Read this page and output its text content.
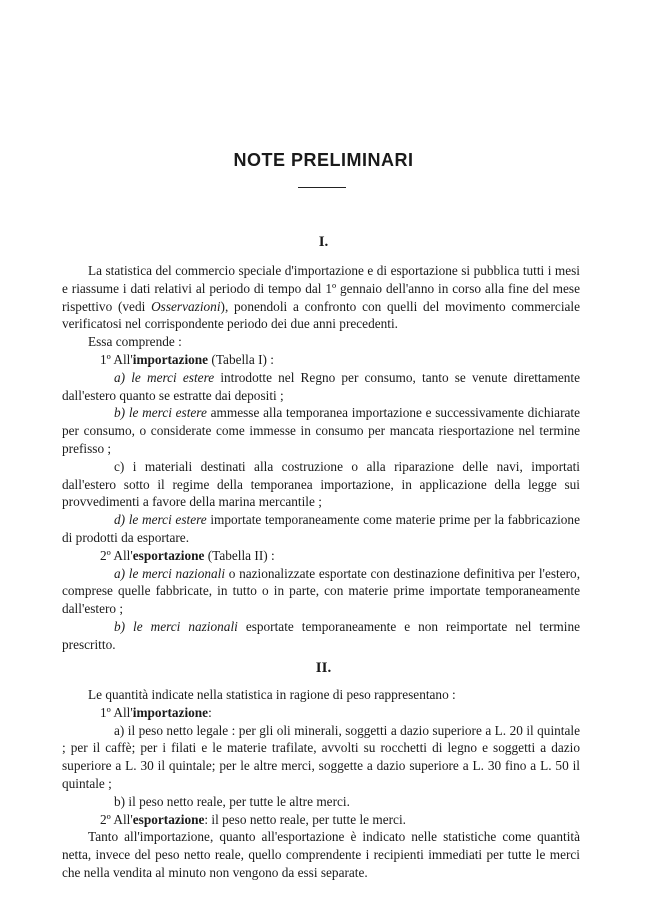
NOTE PRELIMINARI
I.

La statistica del commercio speciale d'importazione e di esportazione si pubblica tutti i mesi e riassume i dati relativi al periodo di tempo dal 1º gennaio dell'anno in corso alla fine del mese rispettivo (vedi Osservazioni), ponendoli a confronto con quelli del movimento commerciale verificatosi nel corrispondente periodo dei due anni precedenti.

Essa comprende :

1º All'importazione (Tabella I) :

a) le merci estere introdotte nel Regno per consumo, tanto se venute direttamente dall'estero quanto se estratte dai depositi ;

b) le merci estere ammesse alla temporanea importazione e successivamente dichiarate per consumo, o considerate come immesse in consumo per mancata riesportazione nel termine prefisso ;

c) i materiali destinati alla costruzione o alla riparazione delle navi, importati dall'estero sotto il regime della temporanea importazione, in applicazione della legge sui provvedimenti a favore della marina mercantile ;

d) le merci estere importate temporaneamente come materie prime per la fabbricazione di prodotti da esportare.

2º All'esportazione (Tabella II) :

a) le merci nazionali o nazionalizzate esportate con destinazione definitiva per l'estero, comprese quelle fabbricate, in tutto o in parte, con materie prime importate temporaneamente dall'estero ;

b) le merci nazionali esportate temporaneamente e non reimportate nel termine prescritto.

II.

Le quantità indicate nella statistica in ragione di peso rappresentano :

1º All'importazione:

a) il peso netto legale : per gli oli minerali, soggetti a dazio superiore a L. 20 il quintale ; per il caffè; per i filati e le materie trafilate, avvolti su rocchetti di legno e soggetti a dazio superiore a L. 30 il quintale; per le altre merci, soggette a dazio superiore a L. 30 fino a L. 50 il quintale ;

b) il peso netto reale, per tutte le altre merci.

2º All'esportazione: il peso netto reale, per tutte le merci.

Tanto all'importazione, quanto all'esportazione è indicato nelle statistiche come quantità netta, invece del peso netto reale, quello comprendente i recipienti immediati per tutte le merci che nella vendita al minuto non vengono da essi separate.
